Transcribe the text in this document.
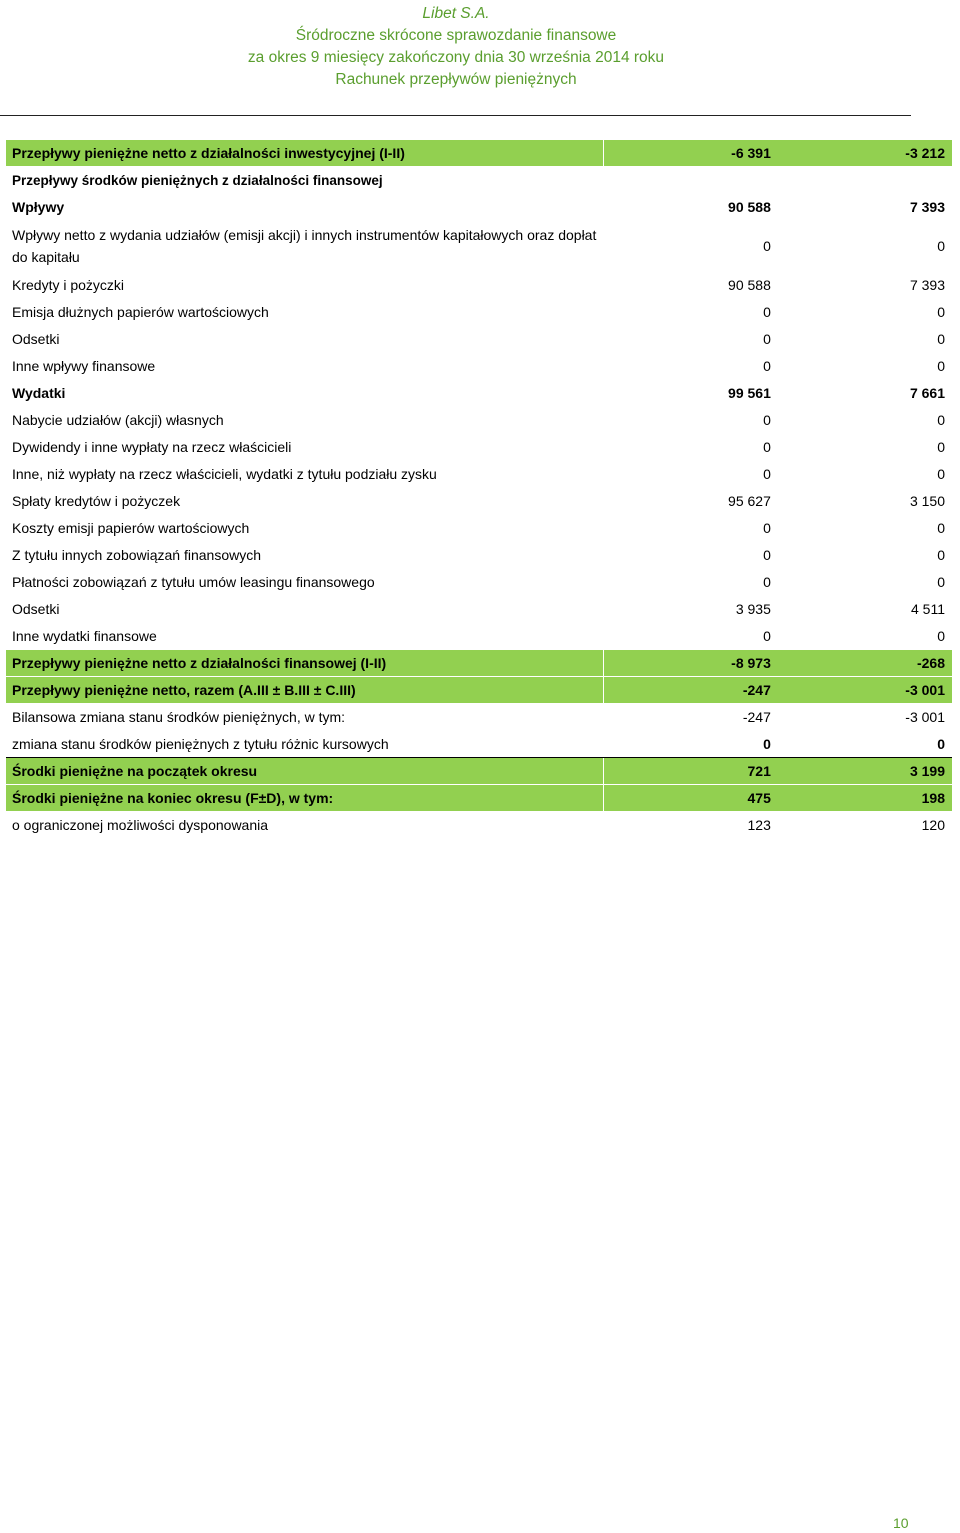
Libet S.A.
Śródroczne skrócone sprawozdanie finansowe
za okres 9 miesięcy zakończony dnia 30 września 2014 roku
Rachunek przepływów pieniężnych
Przepływy pieniężne netto z działalności inwestycyjnej (I-II)	-6 391	-3 212
Przepływy środków pieniężnych z działalności finansowej		
Wpływy	90 588	7 393
Wpływy netto z wydania udziałów (emisji akcji) i innych instrumentów kapitałowych oraz dopłat do kapitału	0	0
Kredyty i pożyczki	90 588	7 393
Emisja dłużnych papierów wartościowych	0	0
Odsetki	0	0
Inne wpływy finansowe	0	0
Wydatki	99 561	7 661
Nabycie udziałów (akcji) własnych	0	0
Dywidendy i inne wypłaty na rzecz właścicieli	0	0
Inne, niż wypłaty na rzecz właścicieli, wydatki z tytułu podziału zysku	0	0
Spłaty kredytów i pożyczek	95 627	3 150
Koszty emisji papierów wartościowych	0	0
Z tytułu innych zobowiązań finansowych	0	0
Płatności zobowiązań z tytułu umów leasingu finansowego	0	0
Odsetki	3 935	4 511
Inne wydatki finansowe	0	0
Przepływy pieniężne netto z działalności finansowej (I-II)	-8 973	-268
Przepływy pieniężne netto, razem (A.III ± B.III ± C.III)	-247	-3 001
Bilansowa zmiana stanu środków pieniężnych, w tym:	-247	-3 001
zmiana stanu środków pieniężnych z tytułu różnic kursowych	0	0
Środki pieniężne na początek okresu	721	3 199
Środki pieniężne na koniec okresu (F±D), w tym:	475	198
o ograniczonej możliwości dysponowania	123	120
10
